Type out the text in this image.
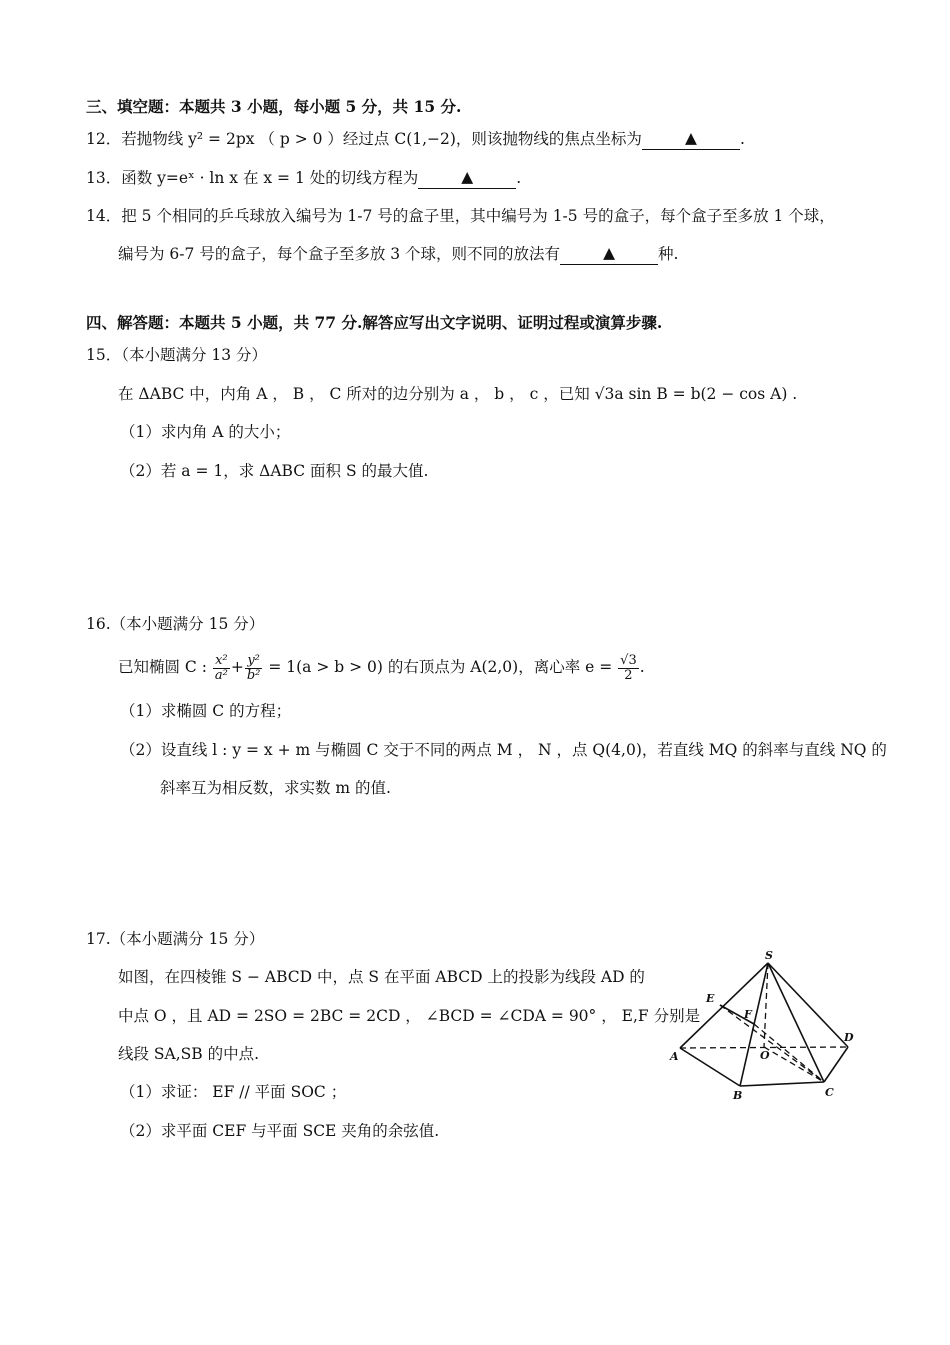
三、填空题：本题共 3 小题，每小题 5 分，共 15 分.
12．若抛物线 y² = 2px （ p > 0 ）经过点 C(1,−2)，则该抛物线的焦点坐标为	▲	.
13．函数 y=eˣ · ln x 在 x = 1 处的切线方程为	▲	.
14．把 5 个相同的乒乓球放入编号为 1-7 号的盒子里，其中编号为 1-5 号的盒子，每个盒子至多放 1 个球，
编号为 6-7 号的盒子，每个盒子至多放 3 个球，则不同的放法有	▲	种.
四、解答题：本题共 5 小题，共 77 分.解答应写出文字说明、证明过程或演算步骤.
15．（本小题满分 13 分）
在 ΔABC 中，内角 A ， B ， C 所对的边分别为 a ， b ， c ，已知 √3a sin B = b(2 − cos A) .
（1）求内角 A 的大小；
（2）若 a = 1，求 ΔABC 面积 S 的最大值.
16.（本小题满分 15 分）
已知椭圆 C : $\frac{\text{x²}}{\text{a²}} + \frac{\text{y²}}{\text{b²}} = 1(a > b > 0)$ 的右顶点为 A(2,0)，离心率 $e = \frac{√3}{2}$ .
（1）求椭圆 C 的方程；
（2）设直线 l : y = x + m 与椭圆 C 交于不同的两点 M ， N ，点 Q(4,0)，若直线 MQ 的斜率与直线 NQ 的
斜率互为相反数，求实数 m 的值.
17.（本小题满分 15 分）
如图，在四棱锥 S − ABCD 中，点 S 在平面 ABCD 上的投影为线段 AD 的
中点 O ，且 AD = 2SO = 2BC = 2CD ， ∠BCD = ∠CDA = 90° ， E,F 分别是
线段 SA,SB 的中点.
（1）求证： EF // 平面 SOC ；
（2）求平面 CEF 与平面 SCE 夹角的余弦值.
S
E
F
A	O
D
B	C
